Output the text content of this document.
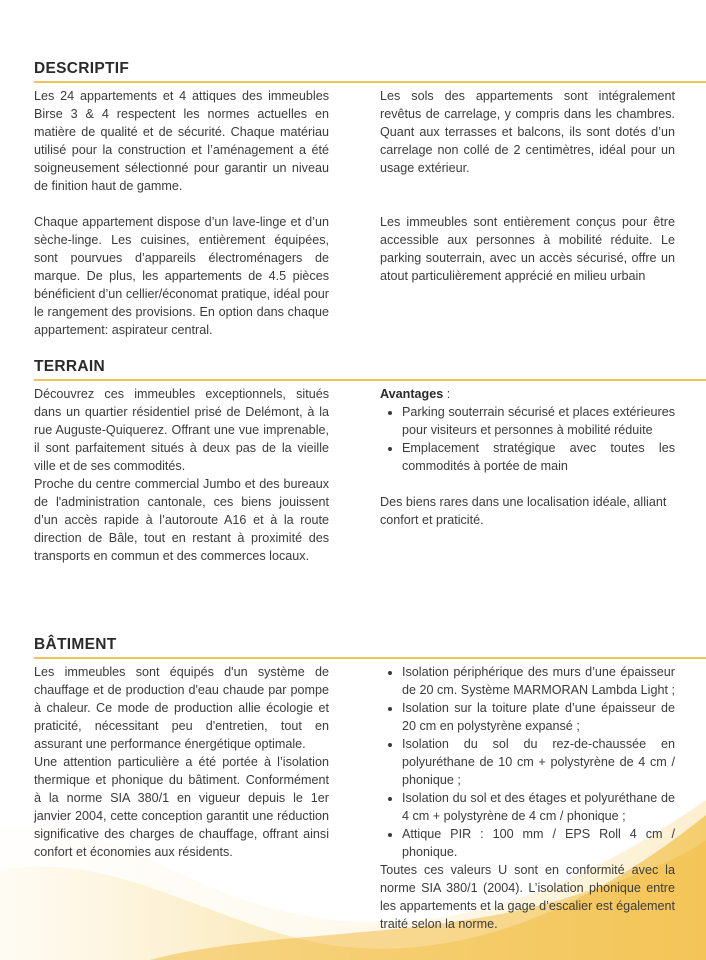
DESCRIPTIF

Les 24 appartements et 4 attiques des immeubles Birse 3 & 4 respectent les normes actuelles en matière de qualité et de sécurité. Chaque matériau utilisé pour la construction et l’aménagement a été soigneusement sélectionné pour garantir un niveau de finition haut de gamme.

Chaque appartement dispose d’un lave-linge et d’un sèche-linge. Les cuisines, entièrement équipées, sont pourvues d’appareils électroménagers de marque. De plus, les appartements de 4.5 pièces bénéficient d’un cellier/économat pratique, idéal pour le rangement des provisions. En option dans chaque appartement: aspirateur central.

Les sols des appartements sont intégralement revêtus de carrelage, y compris dans les chambres. Quant aux terrasses et balcons, ils sont dotés d’un carrelage non collé de 2 centimètres, idéal pour un usage extérieur.

Les immeubles sont entièrement conçus pour être accessible aux personnes à mobilité réduite. Le parking souterrain, avec un accès sécurisé, offre un atout particulièrement apprécié en milieu urbain

TERRAIN

Découvrez ces immeubles exceptionnels, situés dans un quartier résidentiel prisé de Delémont, à la rue Auguste-Quiquerez. Offrant une vue imprenable, il sont parfaitement situés à deux pas de la vieille ville et de ses commodités.

Proche du centre commercial Jumbo et des bureaux de l'administration cantonale, ces biens jouissent d’un accès rapide à l’autoroute A16 et à la route direction de Bâle, tout en restant à proximité des transports en commun et des commerces locaux.

Avantages :

• Parking souterrain sécurisé et places extérieures pour visiteurs et personnes à mobilité réduite
• Emplacement stratégique avec toutes les commodités à portée de main

Des biens rares dans une localisation idéale, alliant confort et praticité.

BÂTIMENT

Les immeubles sont équipés d'un système de chauffage et de production d'eau chaude par pompe à chaleur. Ce mode de production allie écologie et praticité, nécessitant peu d'entretien, tout en assurant une performance énergétique optimale.

Une attention particulière a été portée à l’isolation thermique et phonique du bâtiment. Conformément à la norme SIA 380/1 en vigueur depuis le 1er janvier 2004, cette conception garantit une réduction significative des charges de chauffage, offrant ainsi confort et économies aux résidents.

• Isolation périphérique des murs d’une épaisseur de 20 cm. Système MARMORAN Lambda Light ;
• Isolation sur la toiture plate d’une épaisseur de 20 cm en polystyrène expansé ;
• Isolation du sol du rez-de-chaussée en polyuréthane de 10 cm + polystyrène de 4 cm / phonique ;
• Isolation du sol et des étages et polyuréthane de 4 cm + polystyrène de 4 cm / phonique ;
• Attique PIR : 100 mm / EPS Roll 4 cm / phonique.

Toutes ces valeurs U sont en conformité avec la norme SIA 380/1 (2004). L’isolation phonique entre les appartements et la gage d’escalier est également traité selon la norme.
